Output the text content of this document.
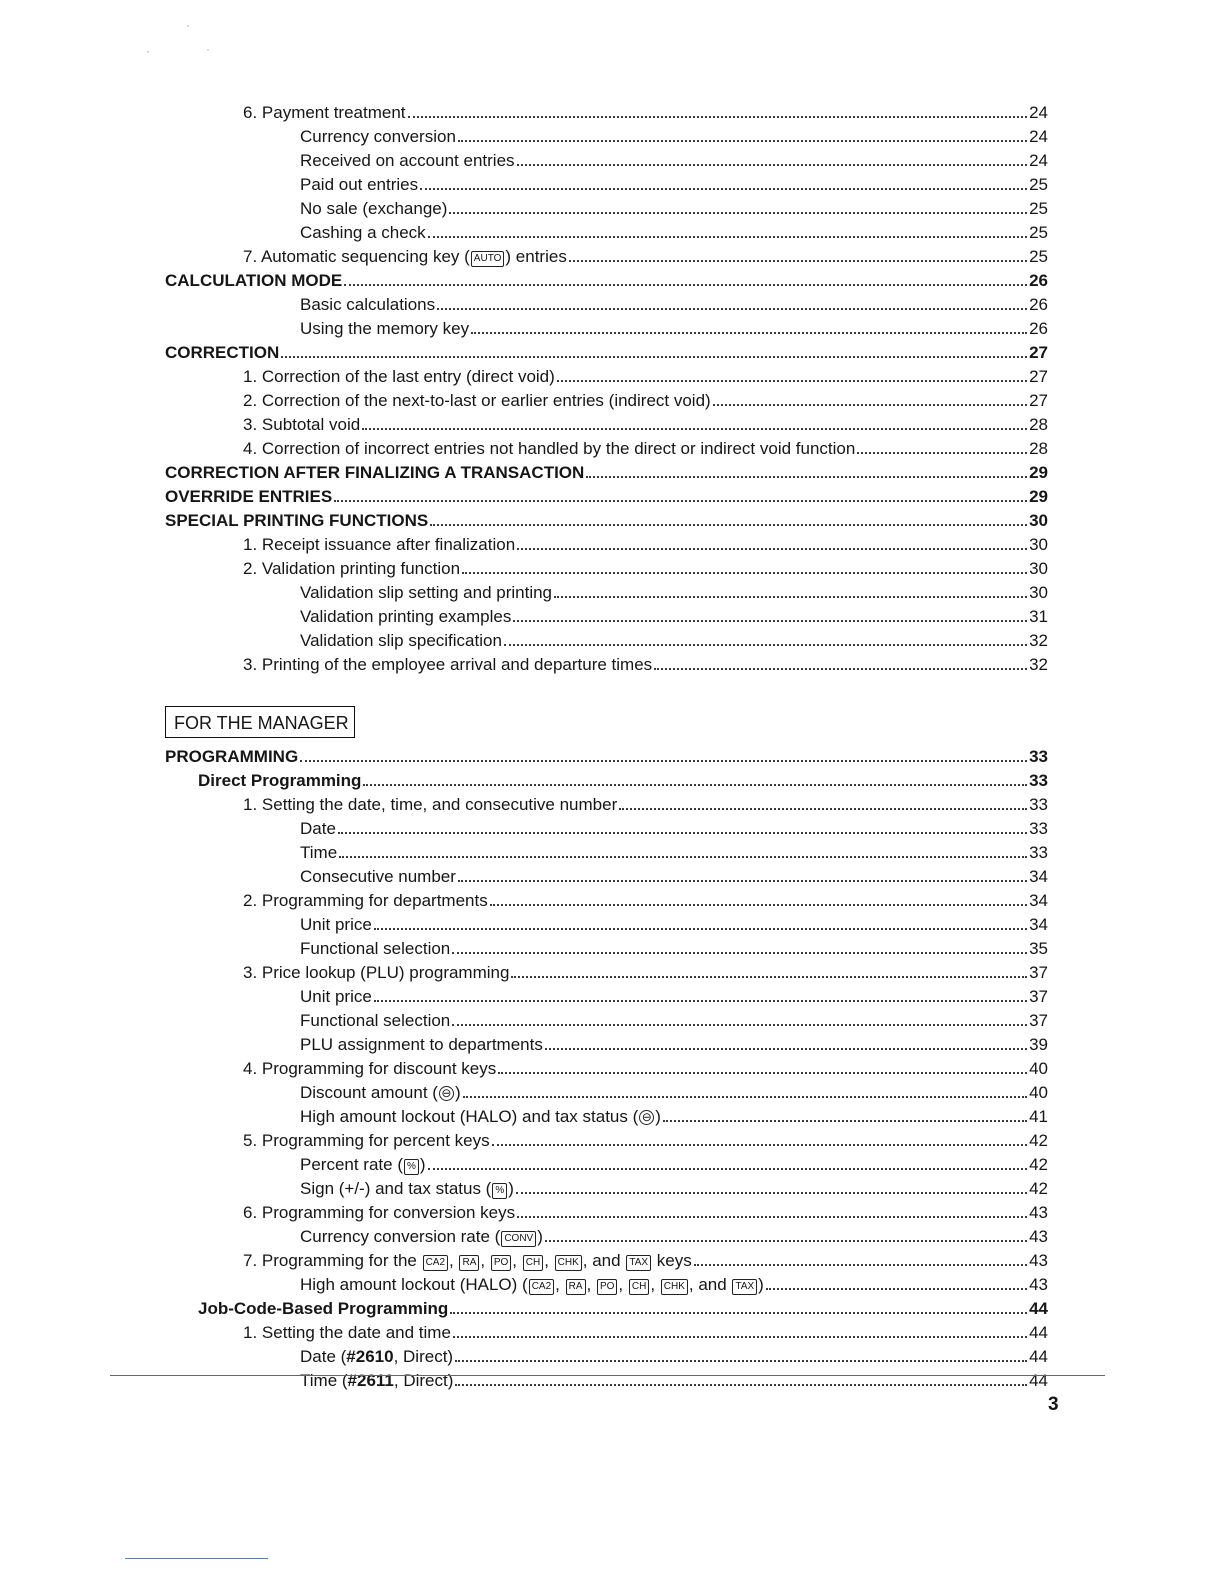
6. Payment treatment	24
Currency conversion	24
Received on account entries	24
Paid out entries	25
No sale (exchange)	25
Cashing a check	25
7. Automatic sequencing key ( AUTO ) entries	25
CALCULATION MODE	26
Basic calculations	26
Using the memory key	26
CORRECTION	27
1. Correction of the last entry (direct void)	27
2. Correction of the next-to-last or earlier entries (indirect void)	27
3. Subtotal void	28
4. Correction of incorrect entries not handled by the direct or indirect void function	28
CORRECTION AFTER FINALIZING A TRANSACTION	29
OVERRIDE ENTRIES	29
SPECIAL PRINTING FUNCTIONS	30
1. Receipt issuance after finalization	30
2. Validation printing function	30
Validation slip setting and printing	30
Validation printing examples	31
Validation slip specification	32
3. Printing of the employee arrival and departure times	32
FOR THE MANAGER
PROGRAMMING	33
Direct Programming	33
1. Setting the date, time, and consecutive number	33
Date	33
Time	33
Consecutive number	34
2. Programming for departments	34
Unit price	34
Functional selection	35
3. Price lookup (PLU) programming	37
Unit price	37
Functional selection	37
PLU assignment to departments	39
4. Programming for discount keys	40
Discount amount ( ⊖ )	40
High amount lockout (HALO) and tax status ( ⊖ )	41
5. Programming for percent keys	42
Percent rate ( % )	42
Sign (+/-) and tax status ( % )	42
6. Programming for conversion keys	43
Currency conversion rate ( CONV )	43
7. Programming for the CA2 , RA , PO , CH , CHK , and TAX keys	43
High amount lockout (HALO) ( CA2 , RA , PO , CH , CHK , and TAX )	43
Job-Code-Based Programming	44
1. Setting the date and time	44
Date (#2610, Direct)	44
Time (#2611, Direct)	44
3
·
·	·
